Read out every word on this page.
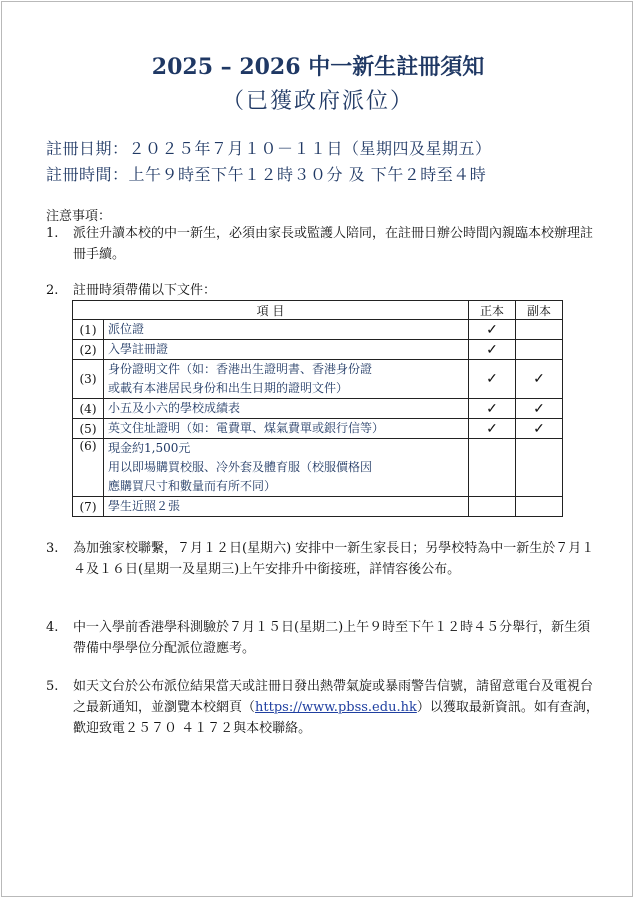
2025 – 2026 中一新生註冊須知
（已獲政府派位）
註冊日期：２０２５年７月１０－１１日（星期四及星期五）
註冊時間：上午９時至下午１２時３０分 及 下午２時至４時
注意事項：
1.	派往升讀本校的中一新生，必須由家長或監護人陪同，在註冊日辦公時間內親臨本校辦理註冊手續。
2.	註冊時須帶備以下文件：
項 目		正本	副本
(1)	派位證	✓	
(2)	入學註冊證	✓	
(3)	身份證明文件（如：香港出生證明書、香港身份證
或載有本港居民身份和出生日期的證明文件）	✓	✓
(4)	小五及小六的學校成績表	✓	✓
(5)	英文住址證明（如：電費單、煤氣費單或銀行信等）	✓	✓
(6)	現金約1,500元
用以即場購買校服、冷外套及體育服（校服價格因
應購買尺寸和數量而有所不同）		

(7)	學生近照２張		
3.	為加強家校聯繫，７月１２日(星期六) 安排中一新生家長日；另學校特為中一新生於７月１４及１６日(星期一及星期三)上午安排升中銜接班，詳情容後公布。
4.	中一入學前香港學科測驗於７月１５日(星期二)上午９時至下午１２時４５分舉行，新生須帶備中學學位分配派位證應考。
5.	如天文台於公布派位結果當天或註冊日發出熱帶氣旋或暴雨警告信號，請留意電台及電視台之最新通知，並瀏覽本校網頁（https://www.pbss.edu.hk）以獲取最新資訊。如有查詢，歡迎致電２５７０ ４１７２與本校聯絡。
